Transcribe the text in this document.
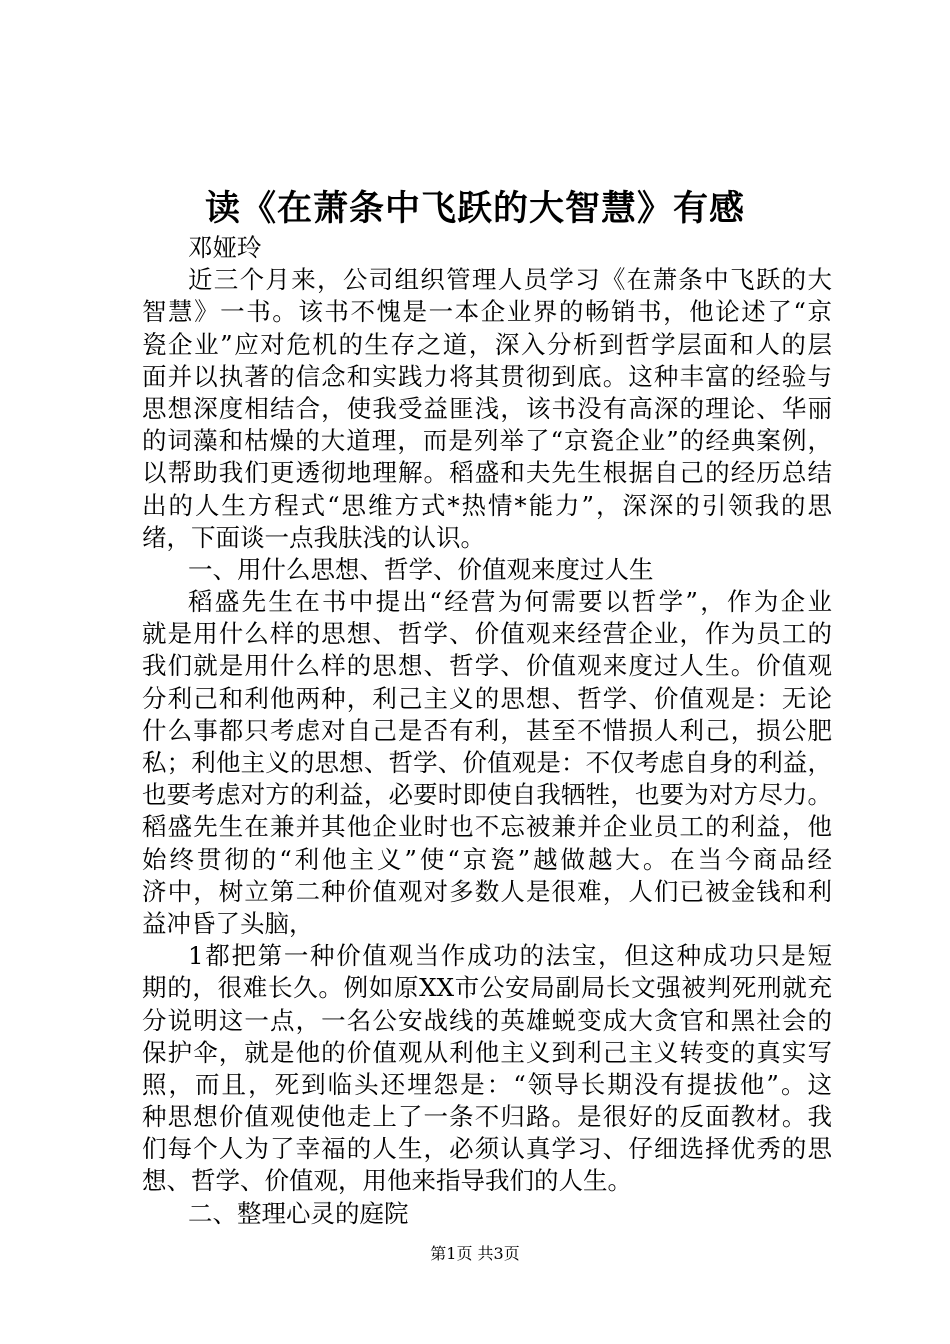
读《在萧条中飞跃的大智慧》有感
邓娅玲
近三个月来，公司组织管理人员学习《在萧条中飞跃的大
智慧》一书。该书不愧是一本企业界的畅销书，他论述了“京
瓷企业”应对危机的生存之道，深入分析到哲学层面和人的层
面并以执著的信念和实践力将其贯彻到底。这种丰富的经验与
思想深度相结合，使我受益匪浅，该书没有高深的理论、华丽
的词藻和枯燥的大道理，而是列举了“京瓷企业”的经典案例，
以帮助我们更透彻地理解。稻盛和夫先生根据自己的经历总结
出的人生方程式“思维方式*热情*能力”，深深的引领我的思
绪，下面谈一点我肤浅的认识。
一、用什么思想、哲学、价值观来度过人生
稻盛先生在书中提出“经营为何需要以哲学”，作为企业
就是用什么样的思想、哲学、价值观来经营企业，作为员工的
我们就是用什么样的思想、哲学、价值观来度过人生。价值观
分利己和利他两种，利己主义的思想、哲学、价值观是：无论
什么事都只考虑对自己是否有利，甚至不惜损人利己，损公肥
私；利他主义的思想、哲学、价值观是：不仅考虑自身的利益，
也要考虑对方的利益，必要时即使自我牺牲，也要为对方尽力。
稻盛先生在兼并其他企业时也不忘被兼并企业员工的利益，他
始终贯彻的“利他主义”使“京瓷”越做越大。在当今商品经
济中，树立第二种价值观对多数人是很难，人们已被金钱和利
益冲昏了头脑，
1都把第一种价值观当作成功的法宝，但这种成功只是短
期的，很难长久。例如原XX市公安局副局长文强被判死刑就充
分说明这一点，一名公安战线的英雄蜕变成大贪官和黑社会的
保护伞，就是他的价值观从利他主义到利己主义转变的真实写
照，而且，死到临头还埋怨是：“领导长期没有提拔他”。这
种思想价值观使他走上了一条不归路。是很好的反面教材。我
们每个人为了幸福的人生，必须认真学习、仔细选择优秀的思
想、哲学、价值观，用他来指导我们的人生。
二、整理心灵的庭院
第1页 共3页
